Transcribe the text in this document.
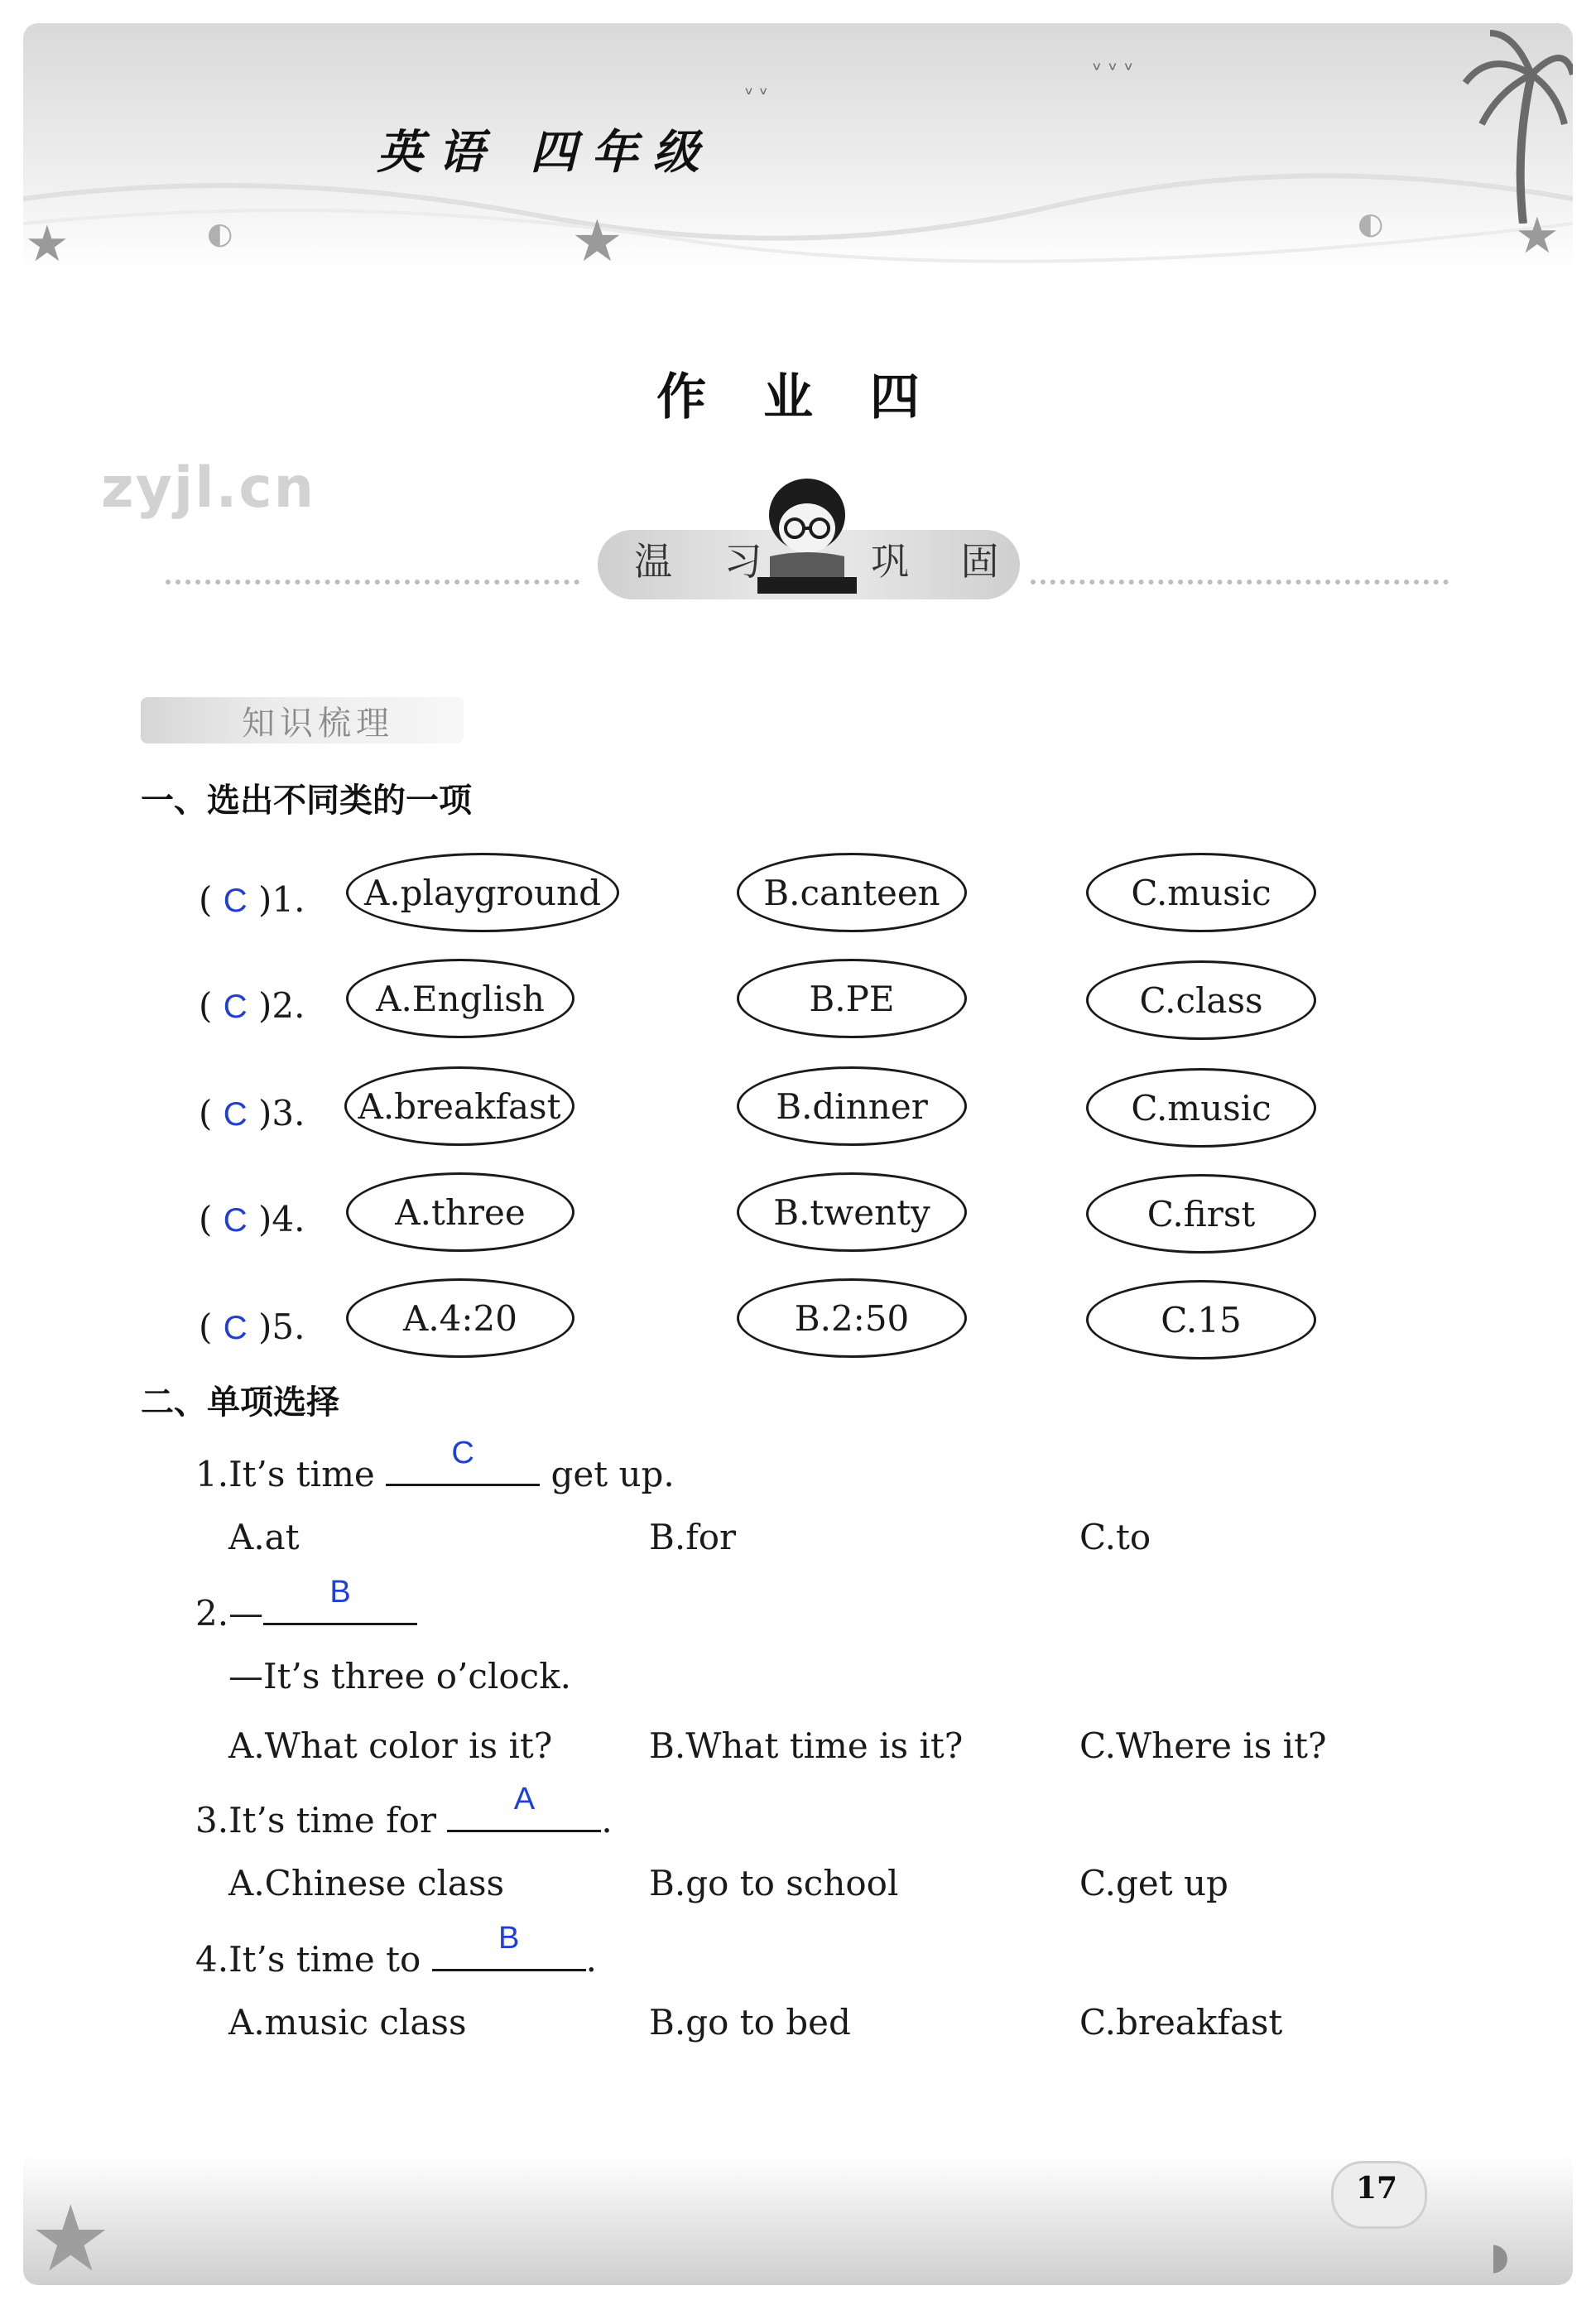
英语 四年级
★	★	★
ᵛ ᵛ ᵛ
ᵛ ᵛ
◐	◐
zyjl.cn
作 业 四
温 习 巩 固
知识梳理
一、选出不同类的一项
( C )1.	A.playground	B.canteen	C.music
( C )2.	A.English	B.PE	C.class
( C )3.	A.breakfast	B.dinner	C.music
( C )4.	A.three	B.twenty	C.first
( C )5.	A.4:20	B.2:50	C.15
二、单项选择
1.It’s time
C
get up.
A.at	B.for	C.to
2.—
B
—It’s three o’clock.
A.What color is it?	B.What time is it?	C.Where is it?
3.It’s time for
A
.
A.Chinese class	B.go to school	C.get up
4.It’s time to
B
.
A.music class	B.go to bed	C.breakfast
★	◗
17
